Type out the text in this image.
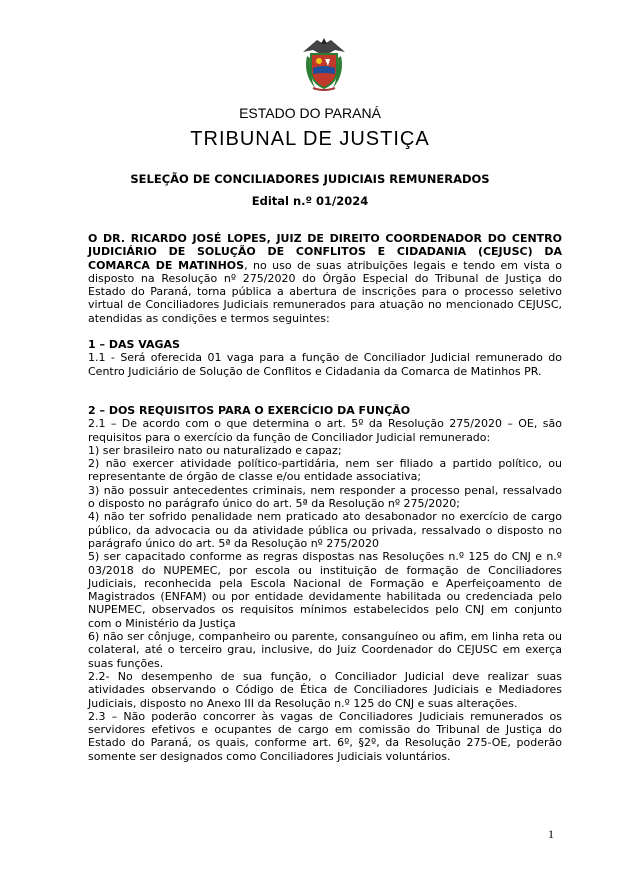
ESTADO DO PARANÁ
TRIBUNAL DE JUSTIÇA
SELEÇÃO DE CONCILIADORES JUDICIAIS REMUNERADOS
Edital n.º 01/2024
O DR. RICARDO JOSÉ LOPES, JUIZ DE DIREITO COORDENADOR DO CENTRO JUDICIÁRIO DE SOLUÇÃO DE CONFLITOS E CIDADANIA (CEJUSC) DA COMARCA DE MATINHOS, no uso de suas atribuições legais e tendo em vista o disposto na Resolução nº 275/2020 do Órgão Especial do Tribunal de Justiça do Estado do Paraná, torna pública a abertura de inscrições para o processo seletivo virtual de Conciliadores Judiciais remunerados para atuação no mencionado CEJUSC, atendidas as condições e termos seguintes:

1 – DAS VAGAS

1.1 - Será oferecida 01 vaga para a função de Conciliador Judicial remunerado do Centro Judiciário de Solução de Conflitos e Cidadania da Comarca de Matinhos PR.

2 – DOS REQUISITOS PARA O EXERCÍCIO DA FUNÇÃO

2.1 – De acordo com o que determina o art. 5º da Resolução 275/2020 – OE, são requisitos para o exercício da função de Conciliador Judicial remunerado:

1) ser brasileiro nato ou naturalizado e capaz;

2) não exercer atividade político-partidária, nem ser filiado a partido político, ou representante de órgão de classe e/ou entidade associativa;

3) não possuir antecedentes criminais, nem responder a processo penal, ressalvado o disposto no parágrafo único do art. 5ª da Resolução nº 275/2020;

4) não ter sofrido penalidade nem praticado ato desabonador no exercício de cargo público, da advocacia ou da atividade pública ou privada, ressalvado o disposto no parágrafo único do art. 5ª da Resolução nº 275/2020

5) ser capacitado conforme as regras dispostas nas Resoluções n.º 125 do CNJ e n.º 03/2018 do NUPEMEC, por escola ou instituição de formação de Conciliadores Judiciais, reconhecida pela Escola Nacional de Formação e Aperfeiçoamento de Magistrados (ENFAM) ou por entidade devidamente habilitada ou credenciada pelo NUPEMEC, observados os requisitos mínimos estabelecidos pelo CNJ em conjunto com o Ministério da Justiça

6) não ser cônjuge, companheiro ou parente, consanguíneo ou afim, em linha reta ou colateral, até o terceiro grau, inclusive, do Juiz Coordenador do CEJUSC em exerça suas funções.

2.2- No desempenho de sua função, o Conciliador Judicial deve realizar suas atividades observando o Código de Ética de Conciliadores Judiciais e Mediadores Judiciais, disposto no Anexo III da Resolução n.º 125 do CNJ e suas alterações.

2.3 – Não poderão concorrer às vagas de Conciliadores Judiciais remunerados os servidores efetivos e ocupantes de cargo em comissão do Tribunal de Justiça do Estado do Paraná, os quais, conforme art. 6º, §2º, da Resolução 275-OE, poderão somente ser designados como Conciliadores Judiciais voluntários.

1
